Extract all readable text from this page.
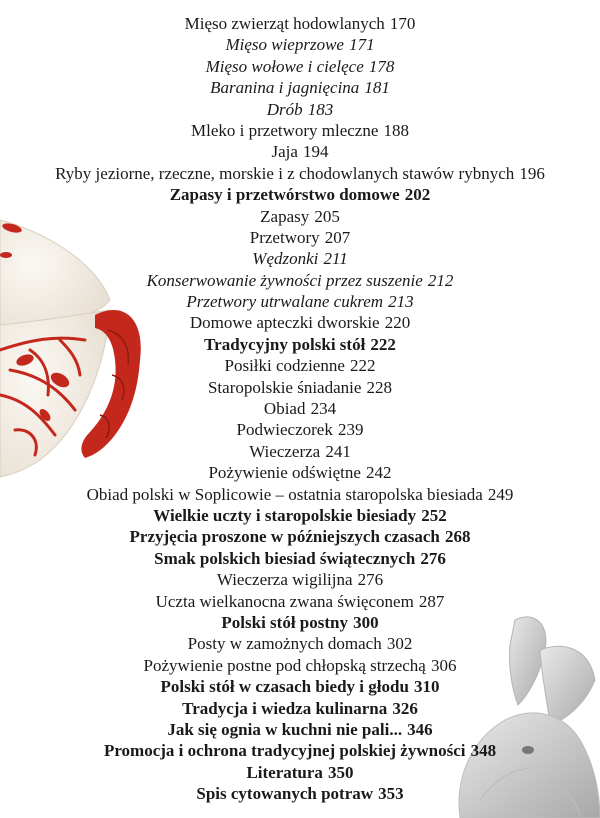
Mięso zwierząt hodowlanych 170
Mięso wieprzowe 171
Mięso wołowe i cielęce 178
Baranina i jagnięcina 181
Drób 183
Mleko i przetwory mleczne 188
Jaja 194
Ryby jeziorne, rzeczne, morskie i z chodowlanych stawów rybnych 196
Zapasy i przetwórstwo domowe 202
Zapasy 205
Przetwory 207
Wędzonki 211
Konserwowanie żywności przez suszenie 212
Przetwory utrwalane cukrem 213
Domowe apteczki dworskie 220
Tradycyjny polski stół 222
Posiłki codzienne 222
Staropolskie śniadanie 228
Obiad 234
Podwieczorek 239
Wieczerza 241
Pożywienie odświętne 242
Obiad polski w Soplicowie – ostatnia staropolska biesiada 249
Wielkie uczty i staropolskie biesiady 252
Przyjęcia proszone w późniejszych czasach 268
Smak polskich biesiad świątecznych 276
Wieczerza wigilijna 276
Uczta wielkanocna zwana święconem 287
Polski stół postny 300
Posty w zamożnych domach 302
Pożywienie postne pod chłopską strzechą 306
Polski stół w czasach biedy i głodu 310
Tradycja i wiedza kulinarna 326
Jak się ognia w kuchni nie pali... 346
Promocja i ochrona tradycyjnej polskiej żywności 348
Literatura 350
Spis cytowanych potraw 353
